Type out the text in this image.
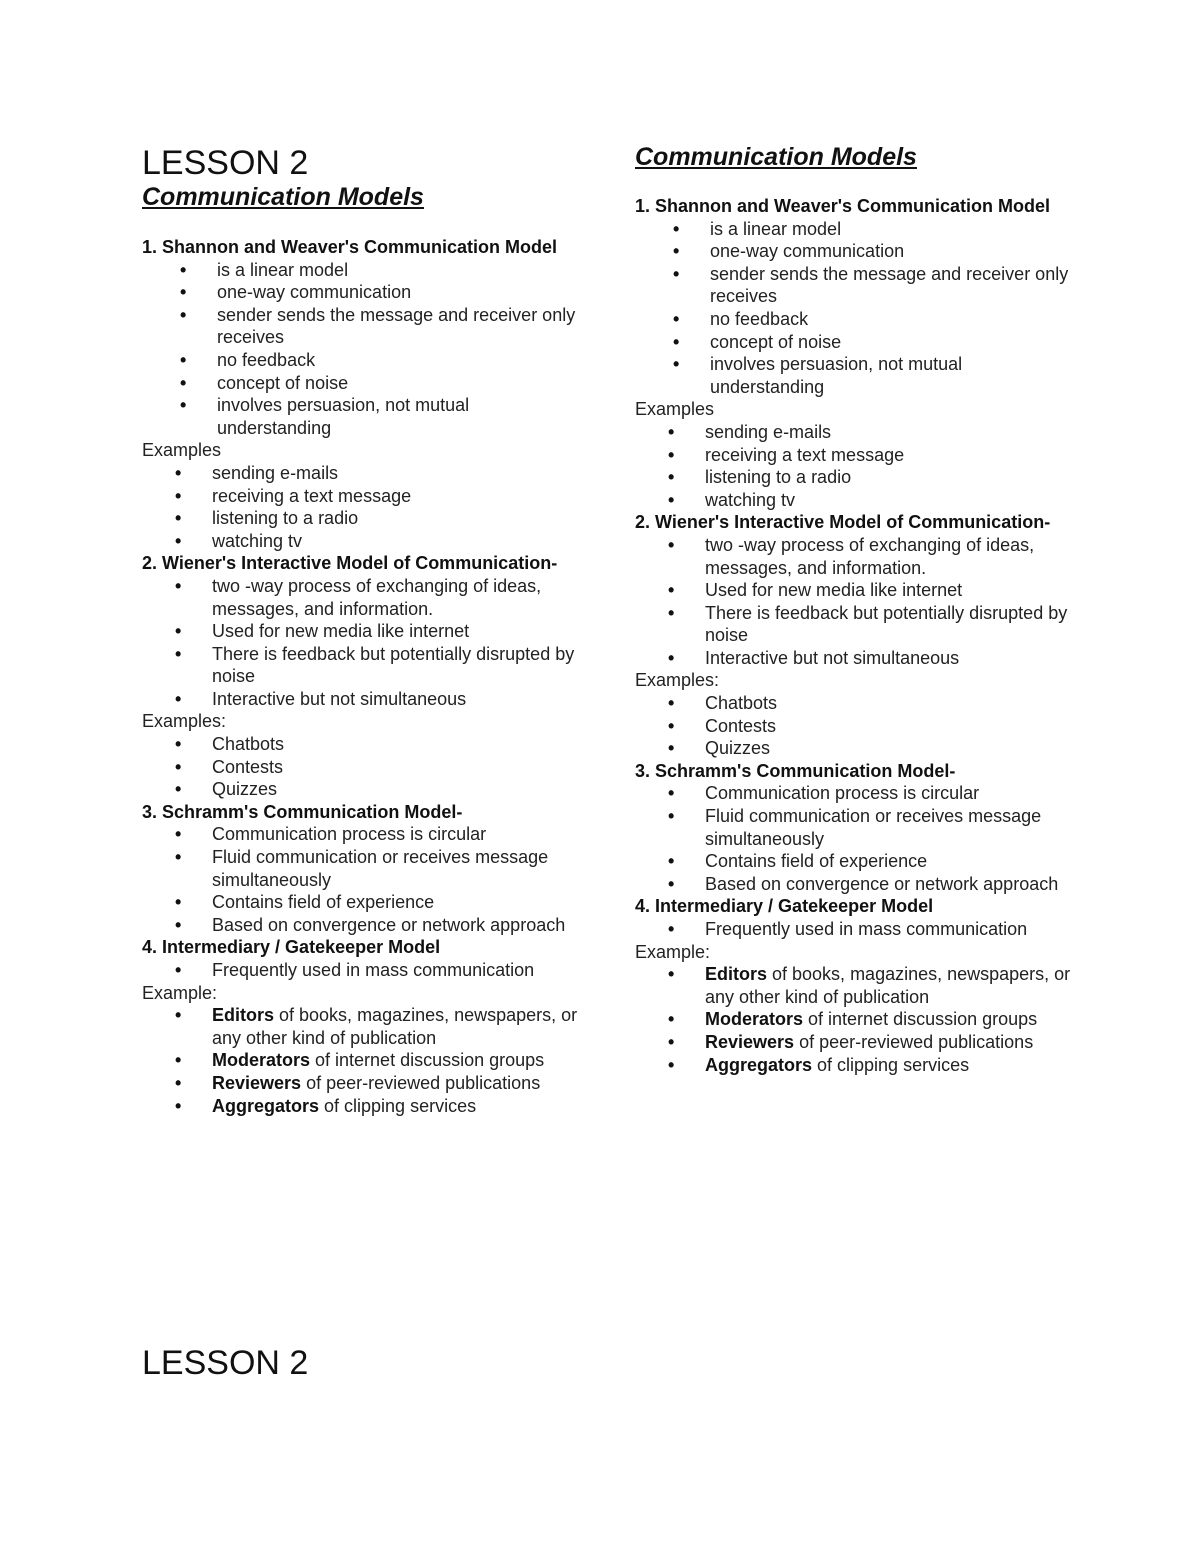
LESSON 2
Communication Models

1. Shannon and Weaver's Communication Model

• is a linear model
• one-way communication
• sender sends the message and receiver only receives
• no feedback
• concept of noise
• involves persuasion, not mutual understanding

Examples

• sending e-mails
• receiving a text message
• listening to a radio
• watching tv

2. Wiener's Interactive Model of Communication-

• two -way process of exchanging of ideas, messages, and information.
• Used for new media like internet
• There is feedback but potentially disrupted by noise
• Interactive but not simultaneous

Examples:

• Chatbots
• Contests
• Quizzes

3. Schramm's Communication Model-

• Communication process is circular
• Fluid communication or receives message simultaneously
• Contains field of experience
• Based on convergence or network approach

4. Intermediary / Gatekeeper Model

• Frequently used in mass communication

Example:

• Editors of books, magazines, newspapers, or any other kind of publication
• Moderators of internet discussion groups
• Reviewers of peer-reviewed publications
• Aggregators of clipping services
Communication Models

1. Shannon and Weaver's Communication Model

• is a linear model
• one-way communication
• sender sends the message and receiver only receives
• no feedback
• concept of noise
• involves persuasion, not mutual understanding

Examples

• sending e-mails
• receiving a text message
• listening to a radio
• watching tv

2. Wiener's Interactive Model of Communication-

• two -way process of exchanging of ideas, messages, and information.
• Used for new media like internet
• There is feedback but potentially disrupted by noise
• Interactive but not simultaneous

Examples:

• Chatbots
• Contests
• Quizzes

3. Schramm's Communication Model-

• Communication process is circular
• Fluid communication or receives message simultaneously
• Contains field of experience
• Based on convergence or network approach

4. Intermediary / Gatekeeper Model

• Frequently used in mass communication

Example:

• Editors of books, magazines, newspapers, or any other kind of publication
• Moderators of internet discussion groups
• Reviewers of peer-reviewed publications
• Aggregators of clipping services
LESSON 2
